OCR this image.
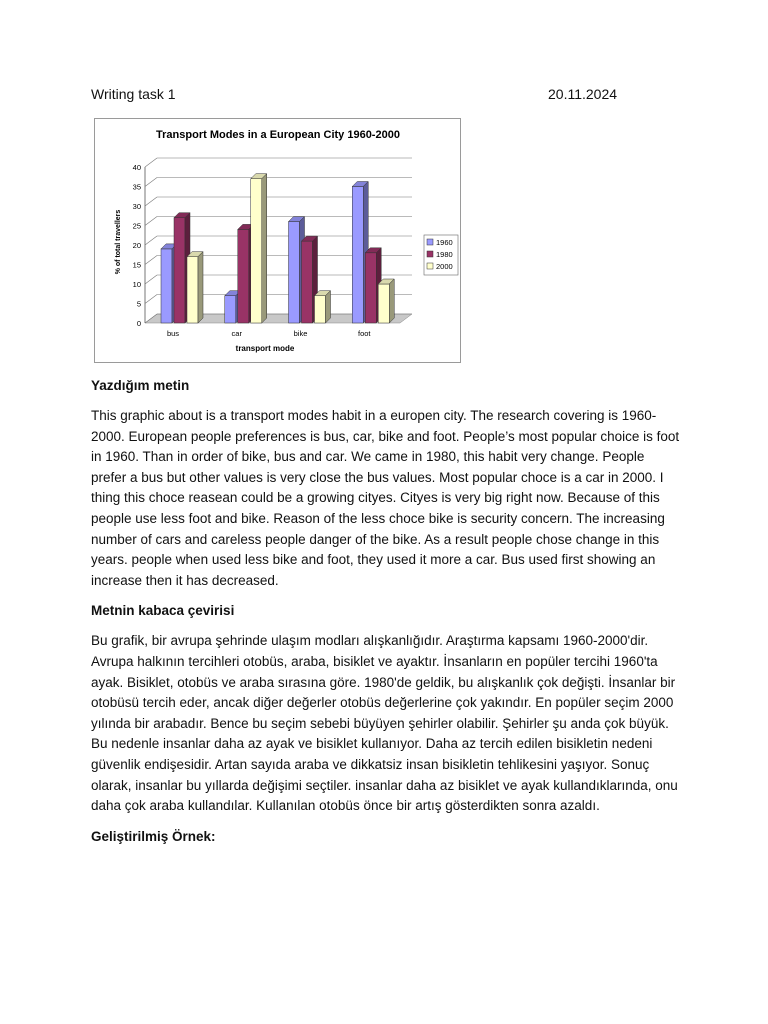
Writing task 1	20.11.2024
Transport Modes in a European City 1960-2000
% of total travellers
transport mode
0
5
10
15
20
25
30
35
40
bus	car	bike	foot
1960
1980
2000
Yazdığım metin

This graphic about is a transport modes habit in a europen city. The research covering is 1960-2000. European people preferences is bus, car, bike and foot. People’s most popular choice is foot in 1960. Than in order of bike, bus and car. We came in 1980, this habit very change. People prefer a bus but other values is very close the bus values. Most popular choce is a car in 2000. I thing this choce reasean could be a growing cityes. Cityes is very big right now. Because of this people use less foot and bike. Reason of the less choce bike is security concern. The increasing number of cars and careless people danger of the bike. As a result people chose change in this years. people when used less bike and foot, they used it more a car. Bus used first showing an increase then it has decreased.

Metnin kabaca çevirisi

Bu grafik, bir avrupa şehrinde ulaşım modları alışkanlığıdır. Araştırma kapsamı 1960-2000'dir. Avrupa halkının tercihleri otobüs, araba, bisiklet ve ayaktır. İnsanların en popüler tercihi 1960'ta ayak. Bisiklet, otobüs ve araba sırasına göre. 1980'de geldik, bu alışkanlık çok değişti. İnsanlar bir otobüsü tercih eder, ancak diğer değerler otobüs değerlerine çok yakındır. En popüler seçim 2000 yılında bir arabadır. Bence bu seçim sebebi büyüyen şehirler olabilir. Şehirler şu anda çok büyük. Bu nedenle insanlar daha az ayak ve bisiklet kullanıyor. Daha az tercih edilen bisikletin nedeni güvenlik endişesidir. Artan sayıda araba ve dikkatsiz insan bisikletin tehlikesini yaşıyor. Sonuç olarak, insanlar bu yıllarda değişimi seçtiler. insanlar daha az bisiklet ve ayak kullandıklarında, onu daha çok araba kullandılar. Kullanılan otobüs önce bir artış gösterdikten sonra azaldı.

Geliştirilmiş Örnek:
